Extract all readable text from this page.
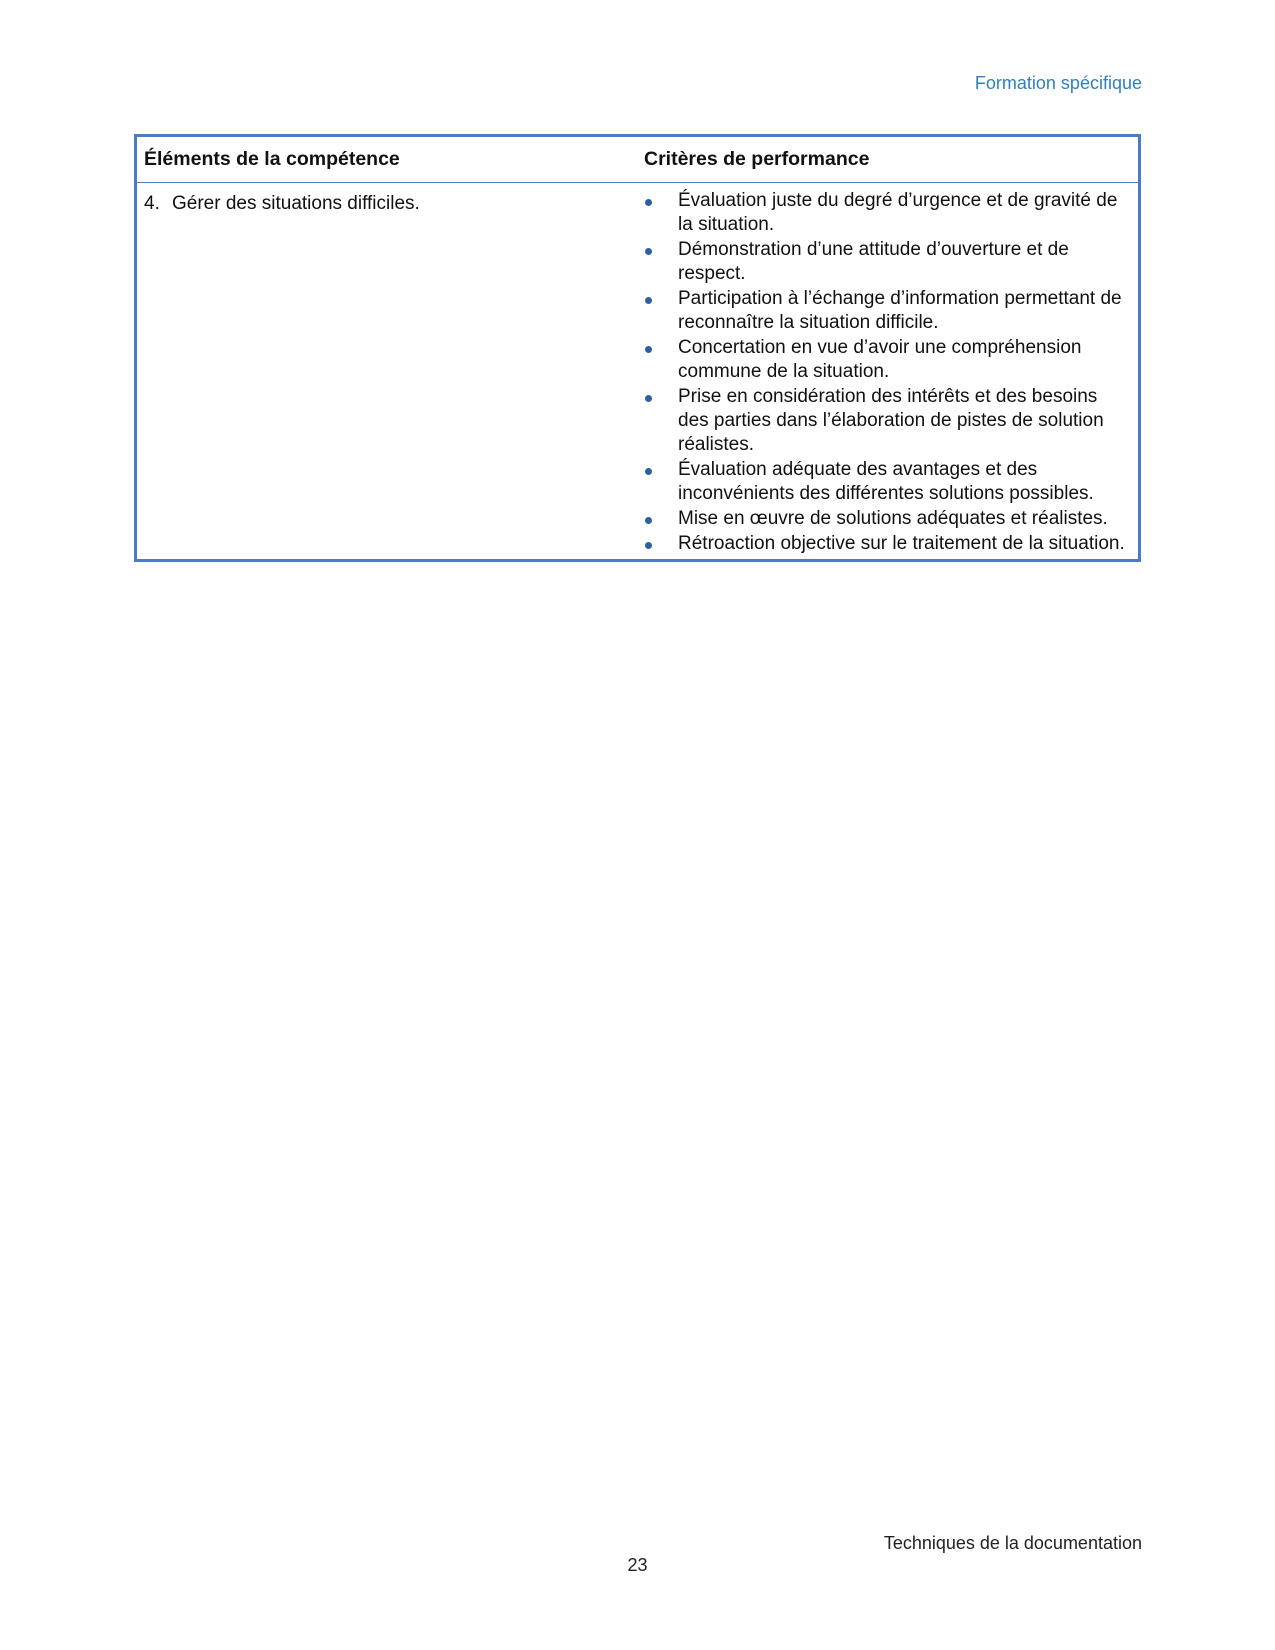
Formation spécifique
Éléments de la compétence	Critères de performance
4. Gérer des situations difficiles.	Évaluation juste du degré d’urgence et de gravité de la situation.
Démonstration d’une attitude d’ouverture et de respect.
Participation à l’échange d’information permettant de reconnaître la situation difficile.
Concertation en vue d’avoir une compréhension commune de la situation.
Prise en considération des intérêts et des besoins des parties dans l’élaboration de pistes de solution réalistes.
Évaluation adéquate des avantages et des inconvénients des différentes solutions possibles.
Mise en œuvre de solutions adéquates et réalistes.
Rétroaction objective sur le traitement de la situation.
Techniques de la documentation
23
